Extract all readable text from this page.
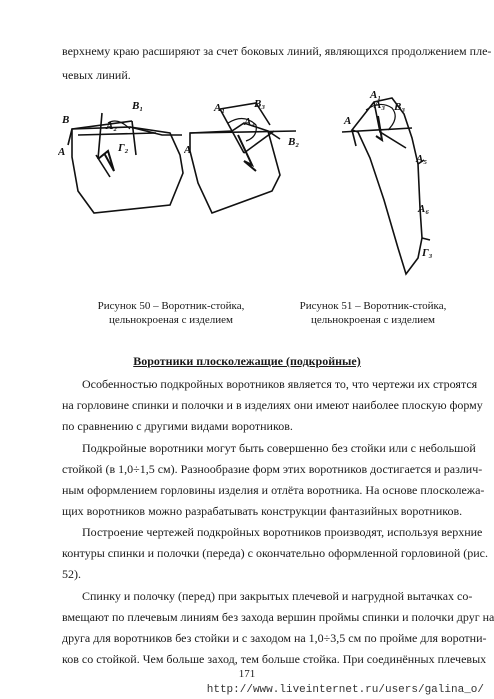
верхнему краю расширяют за счет боковых линий, являющихся продолжением пле-
чевых линий.
B
B₁
A
A₂
Г₂
A₁	B₃
A₄
B₂
A
A₁
A₃ B₃
A₅
A
A₆
Г₃
Рисунок 50 – Воротник-стойка,
цельнокроеная с изделием
Рисунок 51 – Воротник-стойка,
цельнокроеная с изделием
Воротники плосколежащие (подкройные)
Особенностью подкройных воротников является то, что чертежи их строятся
на горловине спинки и полочки и в изделиях они имеют наиболее плоскую форму
по сравнению с другими видами воротников.
Подкройные воротники могут быть совершенно без стойки или с небольшой
стойкой (в 1,0÷1,5 см). Разнообразие форм этих воротников достигается и различ-
ным оформлением горловины изделия и отлёта воротника. На основе плосколежа-
щих воротников можно разрабатывать конструкции фантазийных воротников.
Построение чертежей подкройных воротников производят, используя верхние
контуры спинки и полочки (переда) с окончательно оформленной горловиной (рис.
52).
Спинку и полочку (перед) при закрытых плечевой и нагрудной вытачках со-
вмещают по плечевым линиям без захода вершин проймы спинки и полочки друг на
друга для воротников без стойки и с заходом на 1,0÷3,5 см по пройме для воротни-
ков со стойкой. Чем больше заход, тем больше стойка. При соединённых плечевых
171
http://www.liveinternet.ru/users/galina_o/
